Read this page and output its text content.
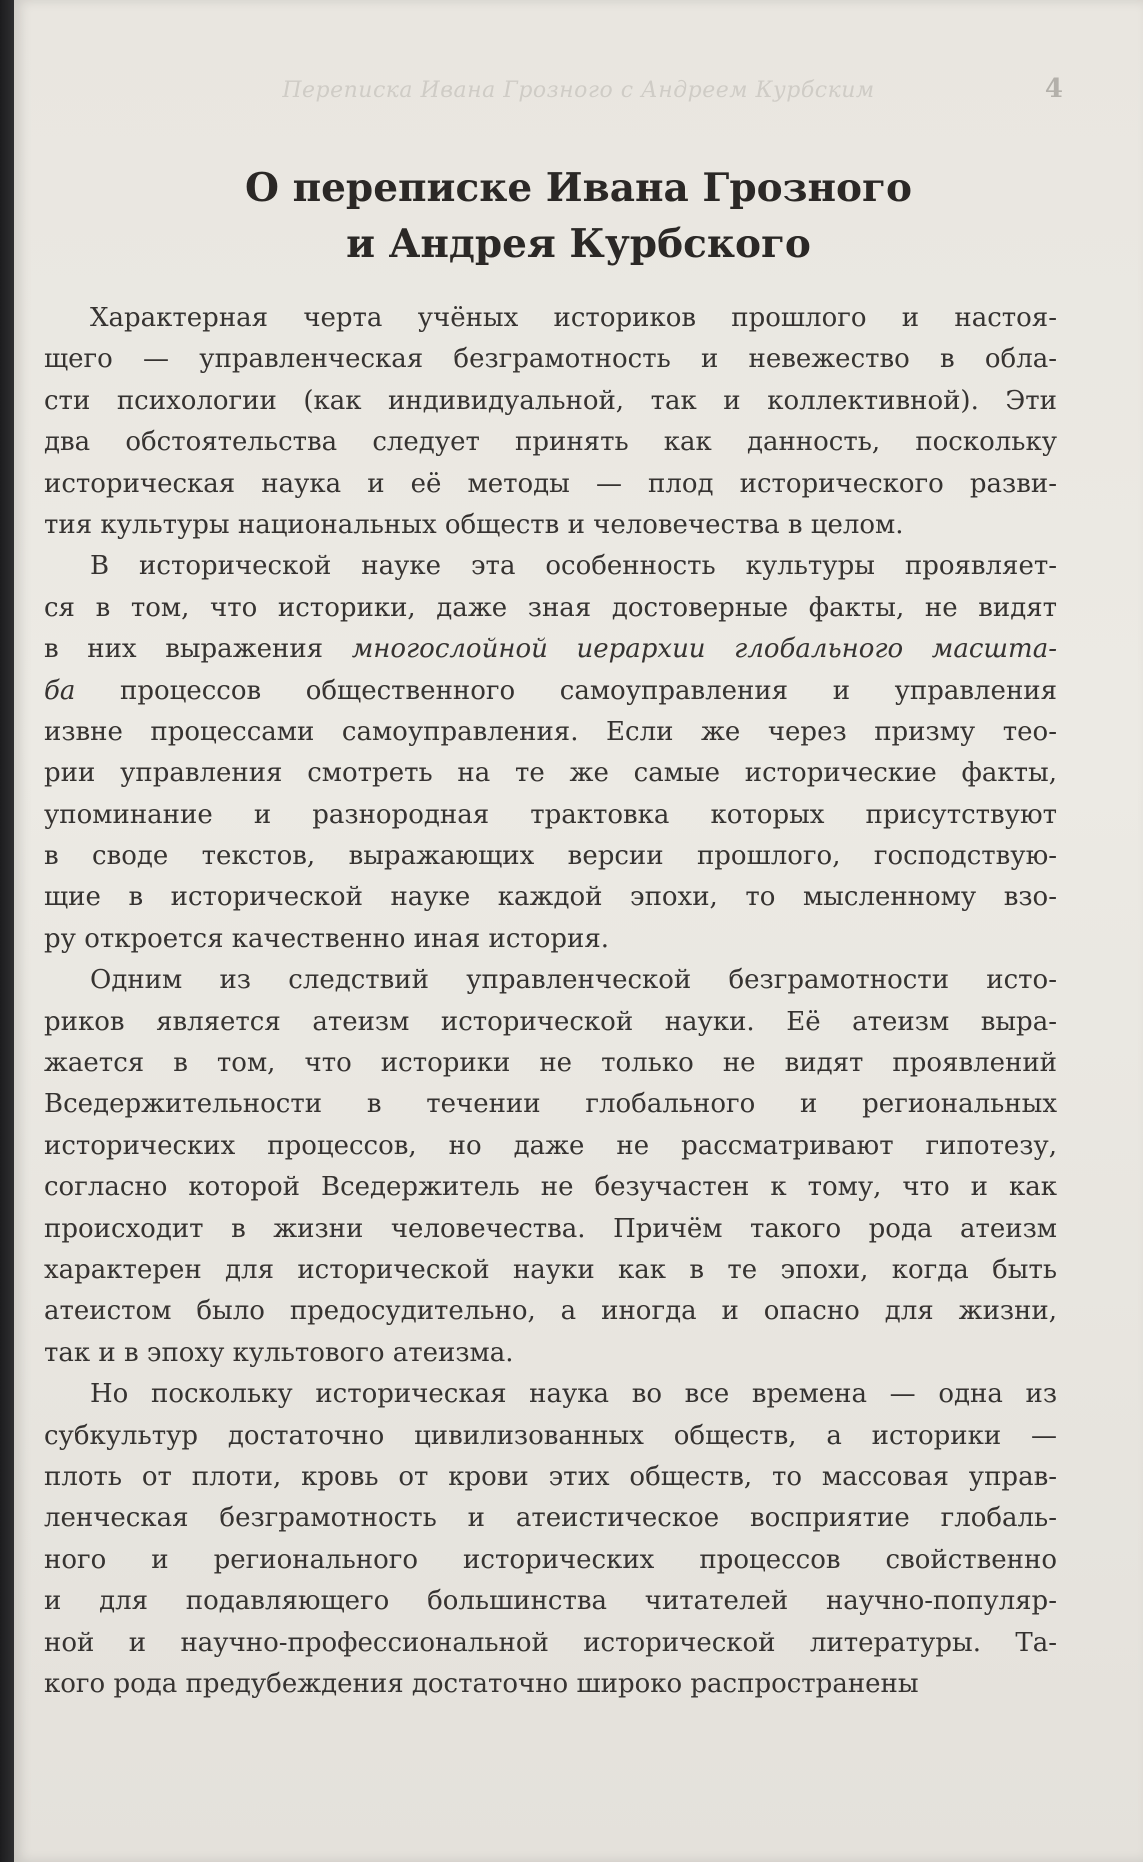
Переписка Ивана Грозного с Андреем Курбским	4
О переписке Ивана Грозного
и Андрея Курбского
Характерная черта учёных историков прошлого и настоя-
щего — управленческая безграмотность и невежество в обла-
сти психологии (как индивидуальной, так и коллективной). Эти
два обстоятельства следует принять как данность, поскольку
историческая наука и её методы — плод исторического разви-
тия культуры национальных обществ и человечества в целом.
В исторической науке эта особенность культуры проявляет-
ся в том, что историки, даже зная достоверные факты, не видят
в них выражения многослойной иерархии глобального масшта-
ба процессов общественного самоуправления и управления
извне процессами самоуправления. Если же через призму тео-
рии управления смотреть на те же самые исторические факты,
упоминание и разнородная трактовка которых присутствуют
в своде текстов, выражающих версии прошлого, господствую-
щие в исторической науке каждой эпохи, то мысленному взо-
ру откроется качественно иная история.
Одним из следствий управленческой безграмотности исто-
риков является атеизм исторической науки. Её атеизм выра-
жается в том, что историки не только не видят проявлений
Вседержительности в течении глобального и региональных
исторических процессов, но даже не рассматривают гипотезу,
согласно которой Вседержитель не безучастен к тому, что и как
происходит в жизни человечества. Причём такого рода атеизм
характерен для исторической науки как в те эпохи, когда быть
атеистом было предосудительно, а иногда и опасно для жизни,
так и в эпоху культового атеизма.
Но поскольку историческая наука во все времена — одна из
субкультур достаточно цивилизованных обществ, а историки —
плоть от плоти, кровь от крови этих обществ, то массовая управ-
ленческая безграмотность и атеистическое восприятие глобаль-
ного и регионального исторических процессов свойственно
и для подавляющего большинства читателей научно-популяр-
ной и научно-профессиональной исторической литературы. Та-
кого рода предубеждения достаточно широко распространены
